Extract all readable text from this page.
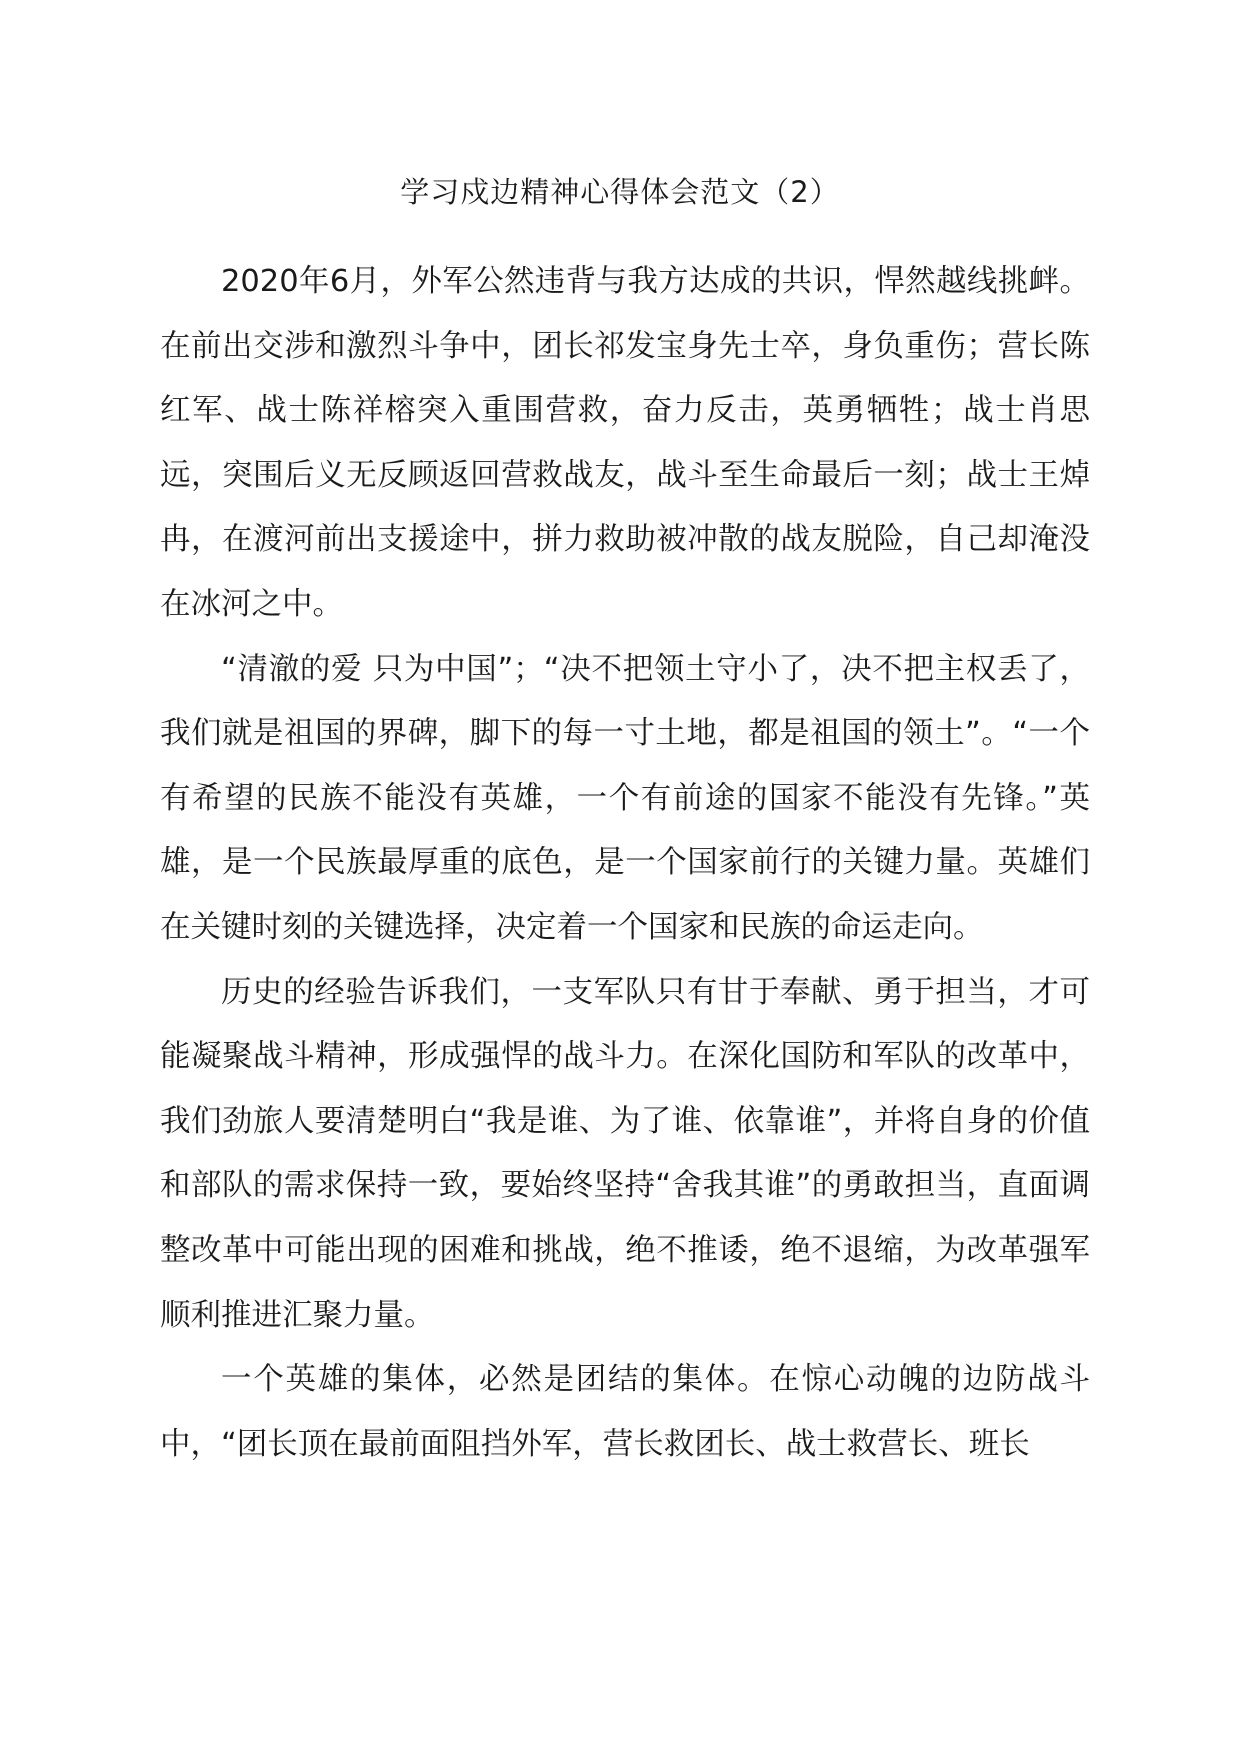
学习戍边精神心得体会范文（2）

2020年6月，外军公然违背与我方达成的共识，悍然越线挑衅。在前出交涉和激烈斗争中，团长祁发宝身先士卒，身负重伤；营长陈红军、战士陈祥榕突入重围营救，奋力反击，英勇牺牲；战士肖思远，突围后义无反顾返回营救战友，战斗至生命最后一刻；战士王焯冉，在渡河前出支援途中，拼力救助被冲散的战友脱险，自己却淹没在冰河之中。

“清澈的爱 只为中国”；“决不把领土守小了，决不把主权丢了，我们就是祖国的界碑，脚下的每一寸土地，都是祖国的领土”。“一个有希望的民族不能没有英雄，一个有前途的国家不能没有先锋。”英雄，是一个民族最厚重的底色，是一个国家前行的关键力量。英雄们在关键时刻的关键选择，决定着一个国家和民族的命运走向。

历史的经验告诉我们，一支军队只有甘于奉献、勇于担当，才可能凝聚战斗精神，形成强悍的战斗力。在深化国防和军队的改革中，我们劲旅人要清楚明白“我是谁、为了谁、依靠谁”，并将自身的价值和部队的需求保持一致，要始终坚持“舍我其谁”的勇敢担当，直面调整改革中可能出现的困难和挑战，绝不推诿，绝不退缩，为改革强军顺利推进汇聚力量。

一个英雄的集体，必然是团结的集体。在惊心动魄的边防战斗中，“团长顶在最前面阻挡外军，营长救团长、战士救营长、班长
